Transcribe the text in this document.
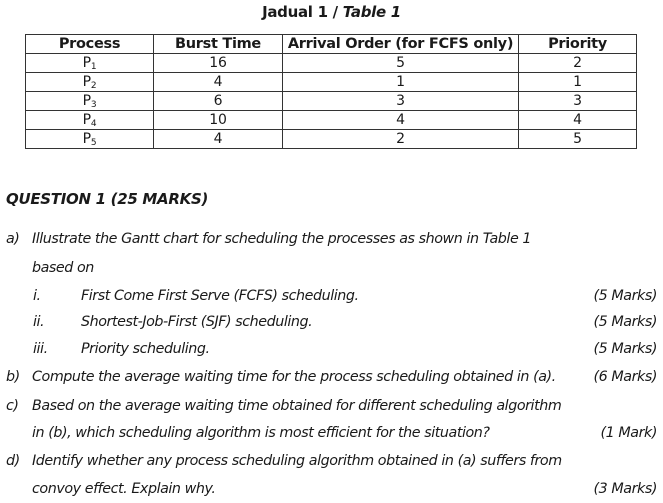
Jadual 1 / Table 1
Process	Burst Time	Arrival Order (for FCFS only)	Priority
$P_1$	16	5	2
$P_2$	4	1	1
$P_3$	6	3	3
$P_4$	10	4	4
$P_5$	4	2	5
QUESTION 1 (25 MARKS)
a) Illustrate the Gantt chart for scheduling the processes as shown in Table 1
based on
i.	First Come First Serve (FCFS) scheduling.	(5 Marks)
ii.	Shortest-Job-First (SJF) scheduling.	(5 Marks)
iii. Priority scheduling.	(5 Marks)
b) Compute the average waiting time for the process scheduling obtained in (a).	(6 Marks)
c) Based on the average waiting time obtained for different scheduling algorithm
in (b), which scheduling algorithm is most efficient for the situation?	(1 Mark)
d) Identify whether any process scheduling algorithm obtained in (a) suffers from
convoy effect. Explain why.	(3 Marks)
